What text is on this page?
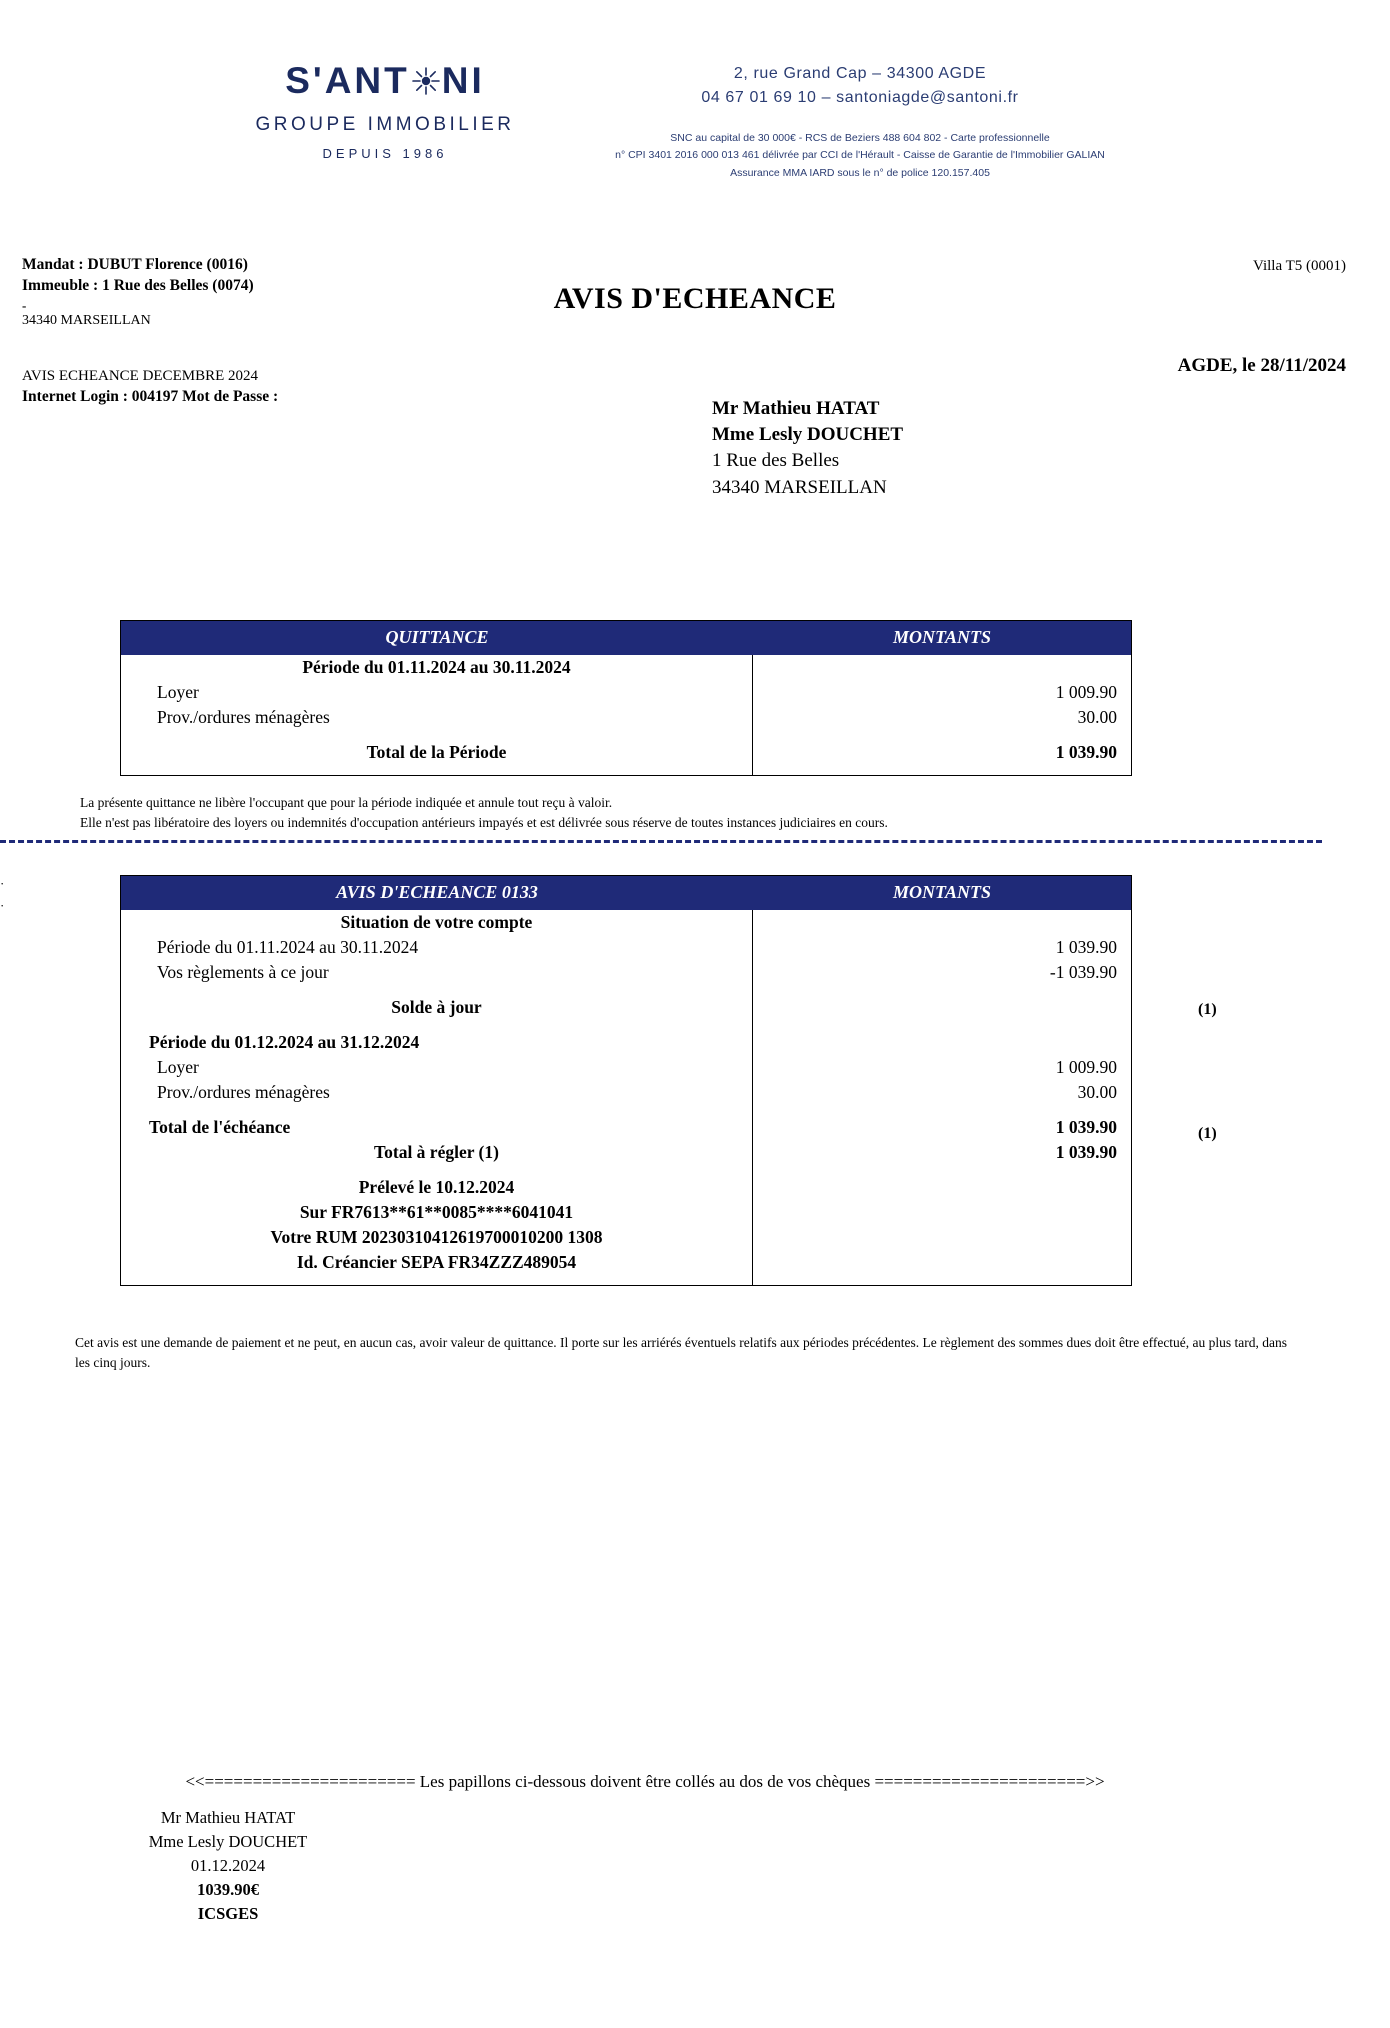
S'ANT NI
GROUPE IMMOBILIER
DEPUIS 1986
2, rue Grand Cap – 34300 AGDE
04 67 01 69 10 – santoniagde@santoni.fr
SNC au capital de 30 000€ - RCS de Beziers 488 604 802 - Carte professionnelle
n° CPI 3401 2016 000 013 461 délivrée par CCI de l'Hérault - Caisse de Garantie de l'Immobilier GALIAN
Assurance MMA IARD sous le n° de police 120.157.405
Mandat : DUBUT Florence (0016)
Immeuble : 1 Rue des Belles (0074)
-
34340 MARSEILLAN
AVIS ECHEANCE DECEMBRE 2024
Internet Login : 004197 Mot de Passe :
Villa T5 (0001)
AVIS D'ECHEANCE
AGDE, le 28/11/2024
Mr Mathieu HATAT
Mme Lesly DOUCHET
1 Rue des Belles
34340 MARSEILLAN
QUITTANCE	MONTANTS
Période du 01.11.2024 au 30.11.2024
Loyer	1 009.90
Prov./ordures ménagères	30.00
Total de la Période	1 039.90
La présente quittance ne libère l'occupant que pour la période indiquée et annule tout reçu à valoir.
Elle n'est pas libératoire des loyers ou indemnités d'occupation antérieurs impayés et est délivrée sous réserve de toutes instances judiciaires en cours.
·
·
AVIS D'ECHEANCE 0133	MONTANTS
Situation de votre compte
Période du 01.11.2024 au 30.11.2024	1 039.90
Vos règlements à ce jour	-1 039.90
Solde à jour
Période du 01.12.2024 au 31.12.2024
Loyer	1 009.90
Prov./ordures ménagères	30.00
Total de l'échéance	1 039.90
Total à régler (1)	1 039.90
Prélevé le 10.12.2024
Sur FR7613**61**0085****6041041
Votre RUM 20230310412619700010200 1308
Id. Créancier SEPA FR34ZZZ489054
(1)
(1)
Cet avis est une demande de paiement et ne peut, en aucun cas, avoir valeur de quittance. Il porte sur les arriérés éventuels relatifs aux périodes précédentes. Le règlement des sommes dues doit être effectué, au plus tard, dans les cinq jours.
<<====================== Les papillons ci-dessous doivent être collés au dos de vos chèques ======================>>
Mr Mathieu HATAT
Mme Lesly DOUCHET
01.12.2024
1039.90€
ICSGES
